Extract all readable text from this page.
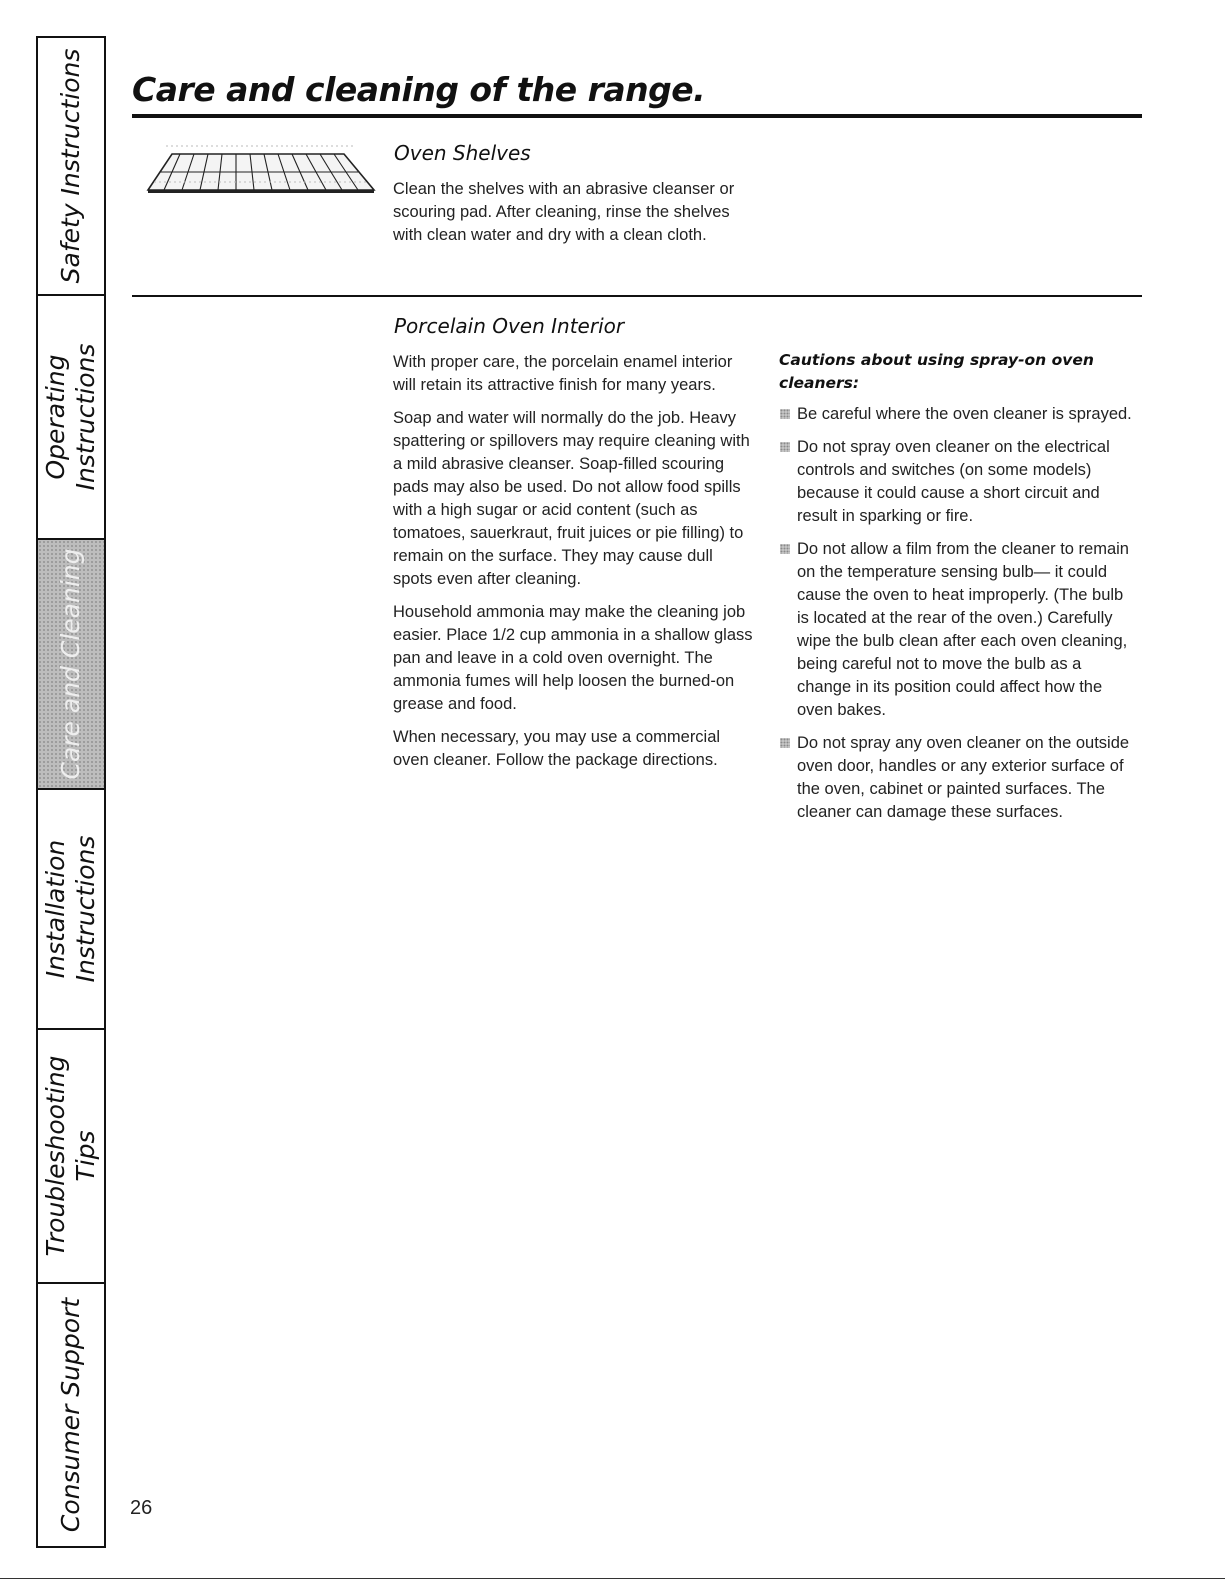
Safety Instructions
Operating Instructions
Care and Cleaning
Installation Instructions
Troubleshooting Tips
Consumer Support
Care and cleaning of the range.
Oven Shelves
Clean the shelves with an abrasive cleanser or scouring pad. After cleaning, rinse the shelves with clean water and dry with a clean cloth.
Porcelain Oven Interior

With proper care, the porcelain enamel interior will retain its attractive finish for many years.

Soap and water will normally do the job. Heavy spattering or spillovers may require cleaning with a mild abrasive cleanser. Soap-filled scouring pads may also be used. Do not allow food spills with a high sugar or acid content (such as tomatoes, sauerkraut, fruit juices or pie filling) to remain on the surface. They may cause dull spots even after cleaning.

Household ammonia may make the cleaning job easier. Place 1/2 cup ammonia in a shallow glass pan and leave in a cold oven overnight. The ammonia fumes will help loosen the burned-on grease and food.

When necessary, you may use a commercial oven cleaner. Follow the package directions.

Cautions about using spray-on oven cleaners:
Be careful where the oven cleaner is sprayed.
Do not spray oven cleaner on the electrical controls and switches (on some models) because it could cause a short circuit and result in sparking or fire.
Do not allow a film from the cleaner to remain on the temperature sensing bulb— it could cause the oven to heat improperly. (The bulb is located at the rear of the oven.) Carefully wipe the bulb clean after each oven cleaning, being careful not to move the bulb as a change in its position could affect how the oven bakes.
Do not spray any oven cleaner on the outside oven door, handles or any exterior surface of the oven, cabinet or painted surfaces. The cleaner can damage these surfaces.
26
